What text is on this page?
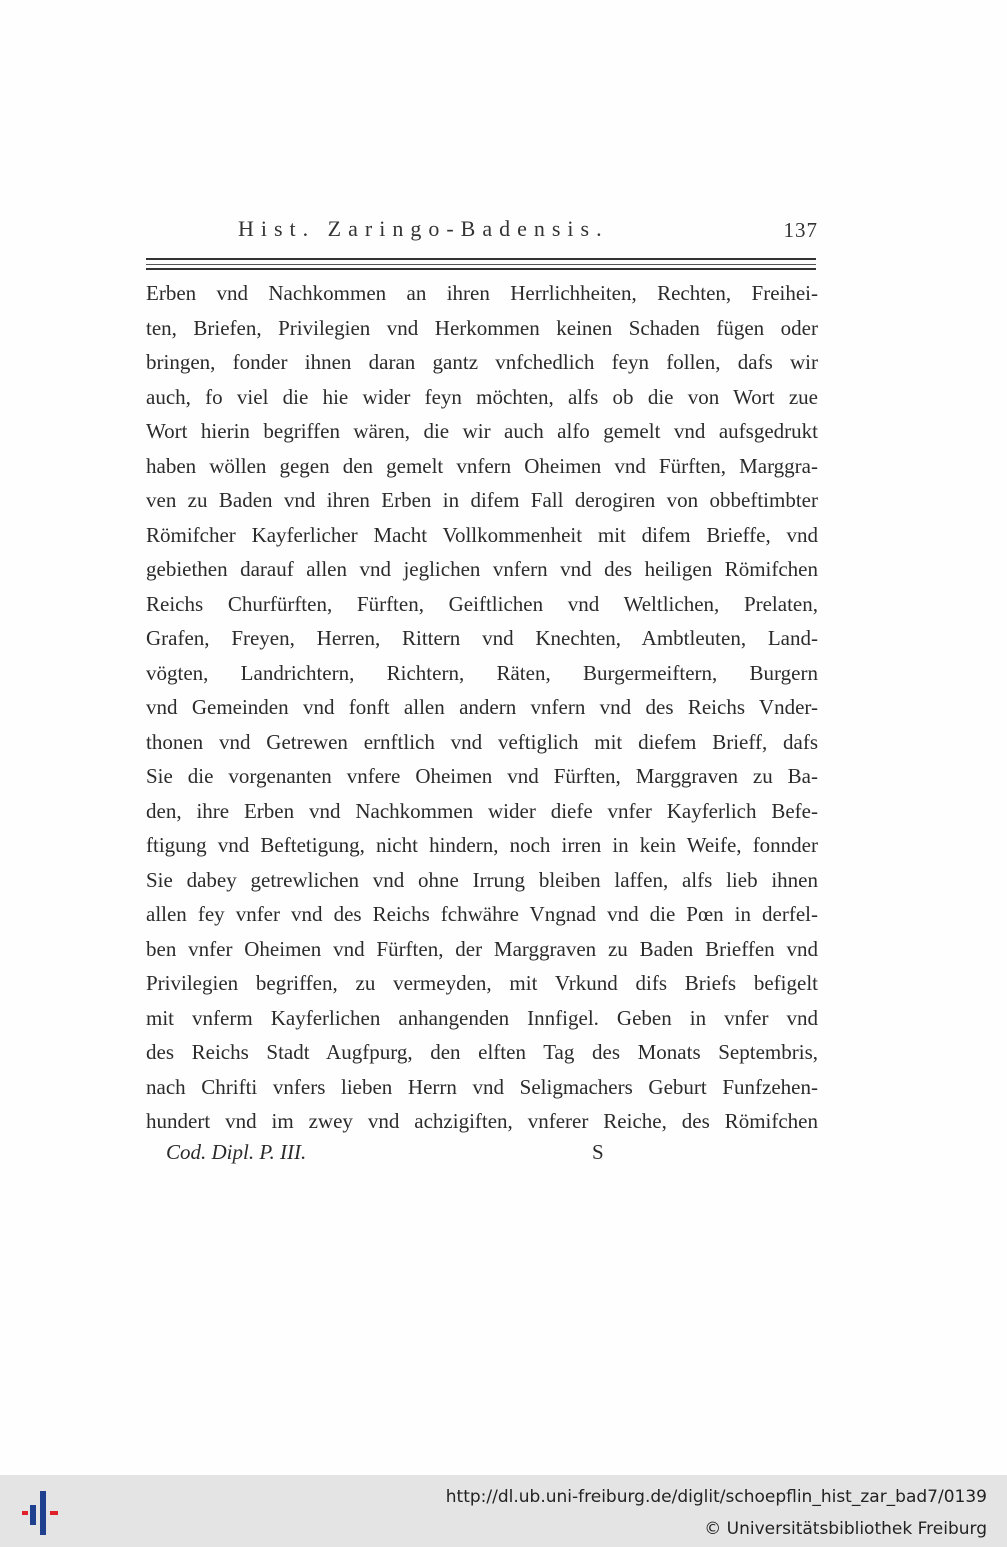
Hist. Zaringo-Badensis.	137
Erben vnd Nachkommen an ihren Herrlichheiten, Rechten, Freihei-
ten, Briefen, Privilegien vnd Herkommen keinen Schaden fügen oder
bringen, fonder ihnen daran gantz vnfchedlich feyn follen, dafs wir
auch, fo viel die hie wider feyn möchten, alfs ob die von Wort zue
Wort hierin begriffen wären, die wir auch alfo gemelt vnd aufsgedrukt
haben wöllen gegen den gemelt vnfern Oheimen vnd Fürften, Marggra-
ven zu Baden vnd ihren Erben in difem Fall derogiren von obbeftimbter
Römifcher Kayferlicher Macht Vollkommenheit mit difem Brieffe, vnd
gebiethen darauf allen vnd jeglichen vnfern vnd des heiligen Römifchen
Reichs Churfürften, Fürften, Geiftlichen vnd Weltlichen, Prelaten,
Grafen, Freyen, Herren, Rittern vnd Knechten, Ambtleuten, Land-
vögten, Landrichtern, Richtern, Räten, Burgermeiftern, Burgern
vnd Gemeinden vnd fonft allen andern vnfern vnd des Reichs Vnder-
thonen vnd Getrewen ernftlich vnd veftiglich mit diefem Brieff, dafs
Sie die vorgenanten vnfere Oheimen vnd Fürften, Marggraven zu Ba-
den, ihre Erben vnd Nachkommen wider diefe vnfer Kayferlich Befe-
ftigung vnd Beftetigung, nicht hindern, noch irren in kein Weife, fonnder
Sie dabey getrewlichen vnd ohne Irrung bleiben laffen, alfs lieb ihnen
allen fey vnfer vnd des Reichs fchwähre Vngnad vnd die Pœn in derfel-
ben vnfer Oheimen vnd Fürften, der Marggraven zu Baden Brieffen vnd
Privilegien begriffen, zu vermeyden, mit Vrkund difs Briefs befigelt
mit vnferm Kayferlichen anhangenden Innfigel. Geben in vnfer vnd
des Reichs Stadt Augfpurg, den elften Tag des Monats Septembris,
nach Chrifti vnfers lieben Herrn vnd Seligmachers Geburt Funfzehen-
hundert vnd im zwey vnd achzigiften, vnferer Reiche, des Römifchen
Cod. Dipl. P. III.	S
http://dl.ub.uni-freiburg.de/diglit/schoepflin_hist_zar_bad7/0139
© Universitätsbibliothek Freiburg
